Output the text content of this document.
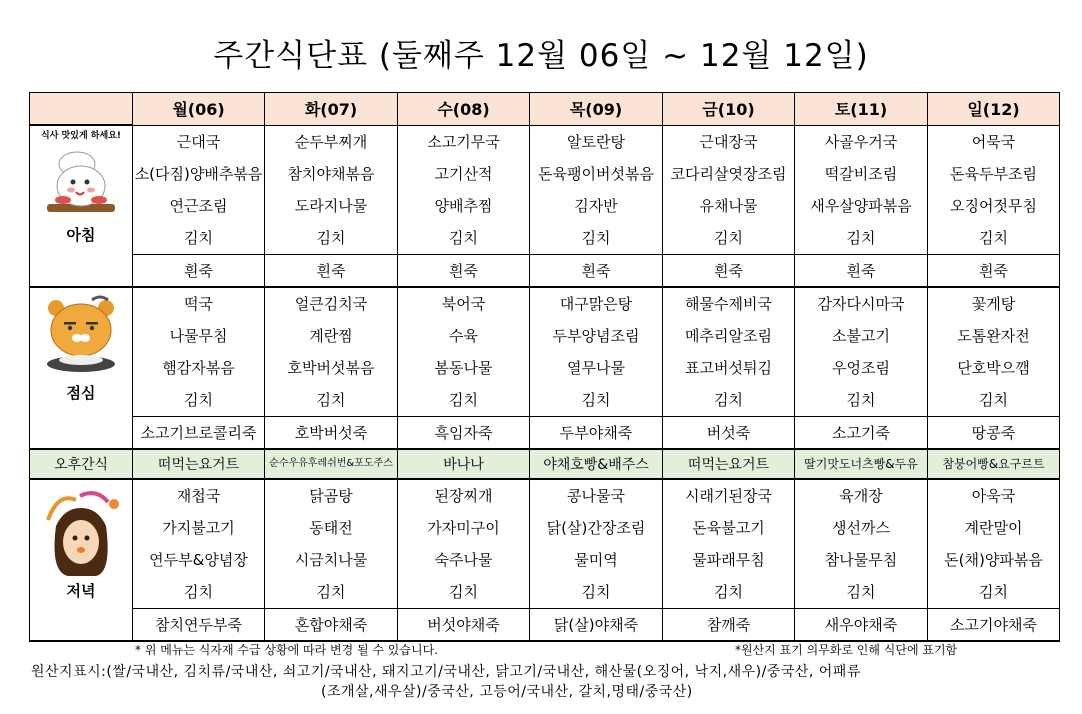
주간식단표 (둘째주 12월 06일 ~ 12월 12일)
	월(06)	화(07)	수(08)	목(09)	금(10)	토(11)	일(12)

식사 맛있게 하세요!
아침	근대국	순두부찌개	소고기무국	알토란탕	근대장국	사골우거국	어묵국
	소(다짐)양배추볶음	참치야채볶음	고기산적	돈육팽이버섯볶음	코다리살엿장조림	떡갈비조림	돈육두부조림
	연근조림	도라지나물	양배추찜	김자반	유채나물	새우살양파볶음	오징어젓무침
	김치	김치	김치	김치	김치	김치	김치
	흰죽	흰죽	흰죽	흰죽	흰죽	흰죽	흰죽

점심	떡국	얼큰김치국	북어국	대구맑은탕	해물수제비국	감자다시마국	꽃게탕
	나물무침	계란찜	수육	두부양념조림	메추리알조림	소불고기	도톰완자전
	햄감자볶음	호박버섯볶음	봄동나물	열무나물	표고버섯튀김	우엉조림	단호박으깸
	김치	김치	김치	김치	김치	김치	김치
	소고기브로콜리죽	호박버섯죽	흑임자죽	두부야채죽	버섯죽	소고기죽	땅콩죽
오후간식	떠먹는요거트	순수우유후레쉬번&포도주스	바나나	야채호빵&배주스	떠먹는요거트	딸기맛도너츠빵&두유	참붕어빵&요구르트

저녁	재첩국	닭곰탕	된장찌개	콩나물국	시래기된장국	육개장	아욱국
	가지불고기	동태전	가자미구이	닭(살)간장조림	돈육불고기	생선까스	계란말이
	연두부&양념장	시금치나물	숙주나물	물미역	물파래무침	참나물무침	돈(채)양파볶음
	김치	김치	김치	김치	김치	김치	김치
	참치연두부죽	혼합야채죽	버섯야채죽	닭(살)야채죽	참깨죽	새우야채죽	소고기야채죽
* 위 메뉴는 식자재 수급 상황에 따라 변경 될 수 있습니다.	*원산지 표기 의무화로 인해 식단에 표기함
원산지표시:(쌀/국내산, 김치류/국내산, 쇠고기/국내산, 돼지고기/국내산, 닭고기/국내산, 해산물(오징어, 낙지,새우)/중국산, 어패류
(조개살,새우살)/중국산, 고등어/국내산, 갈치,명태/중국산)
